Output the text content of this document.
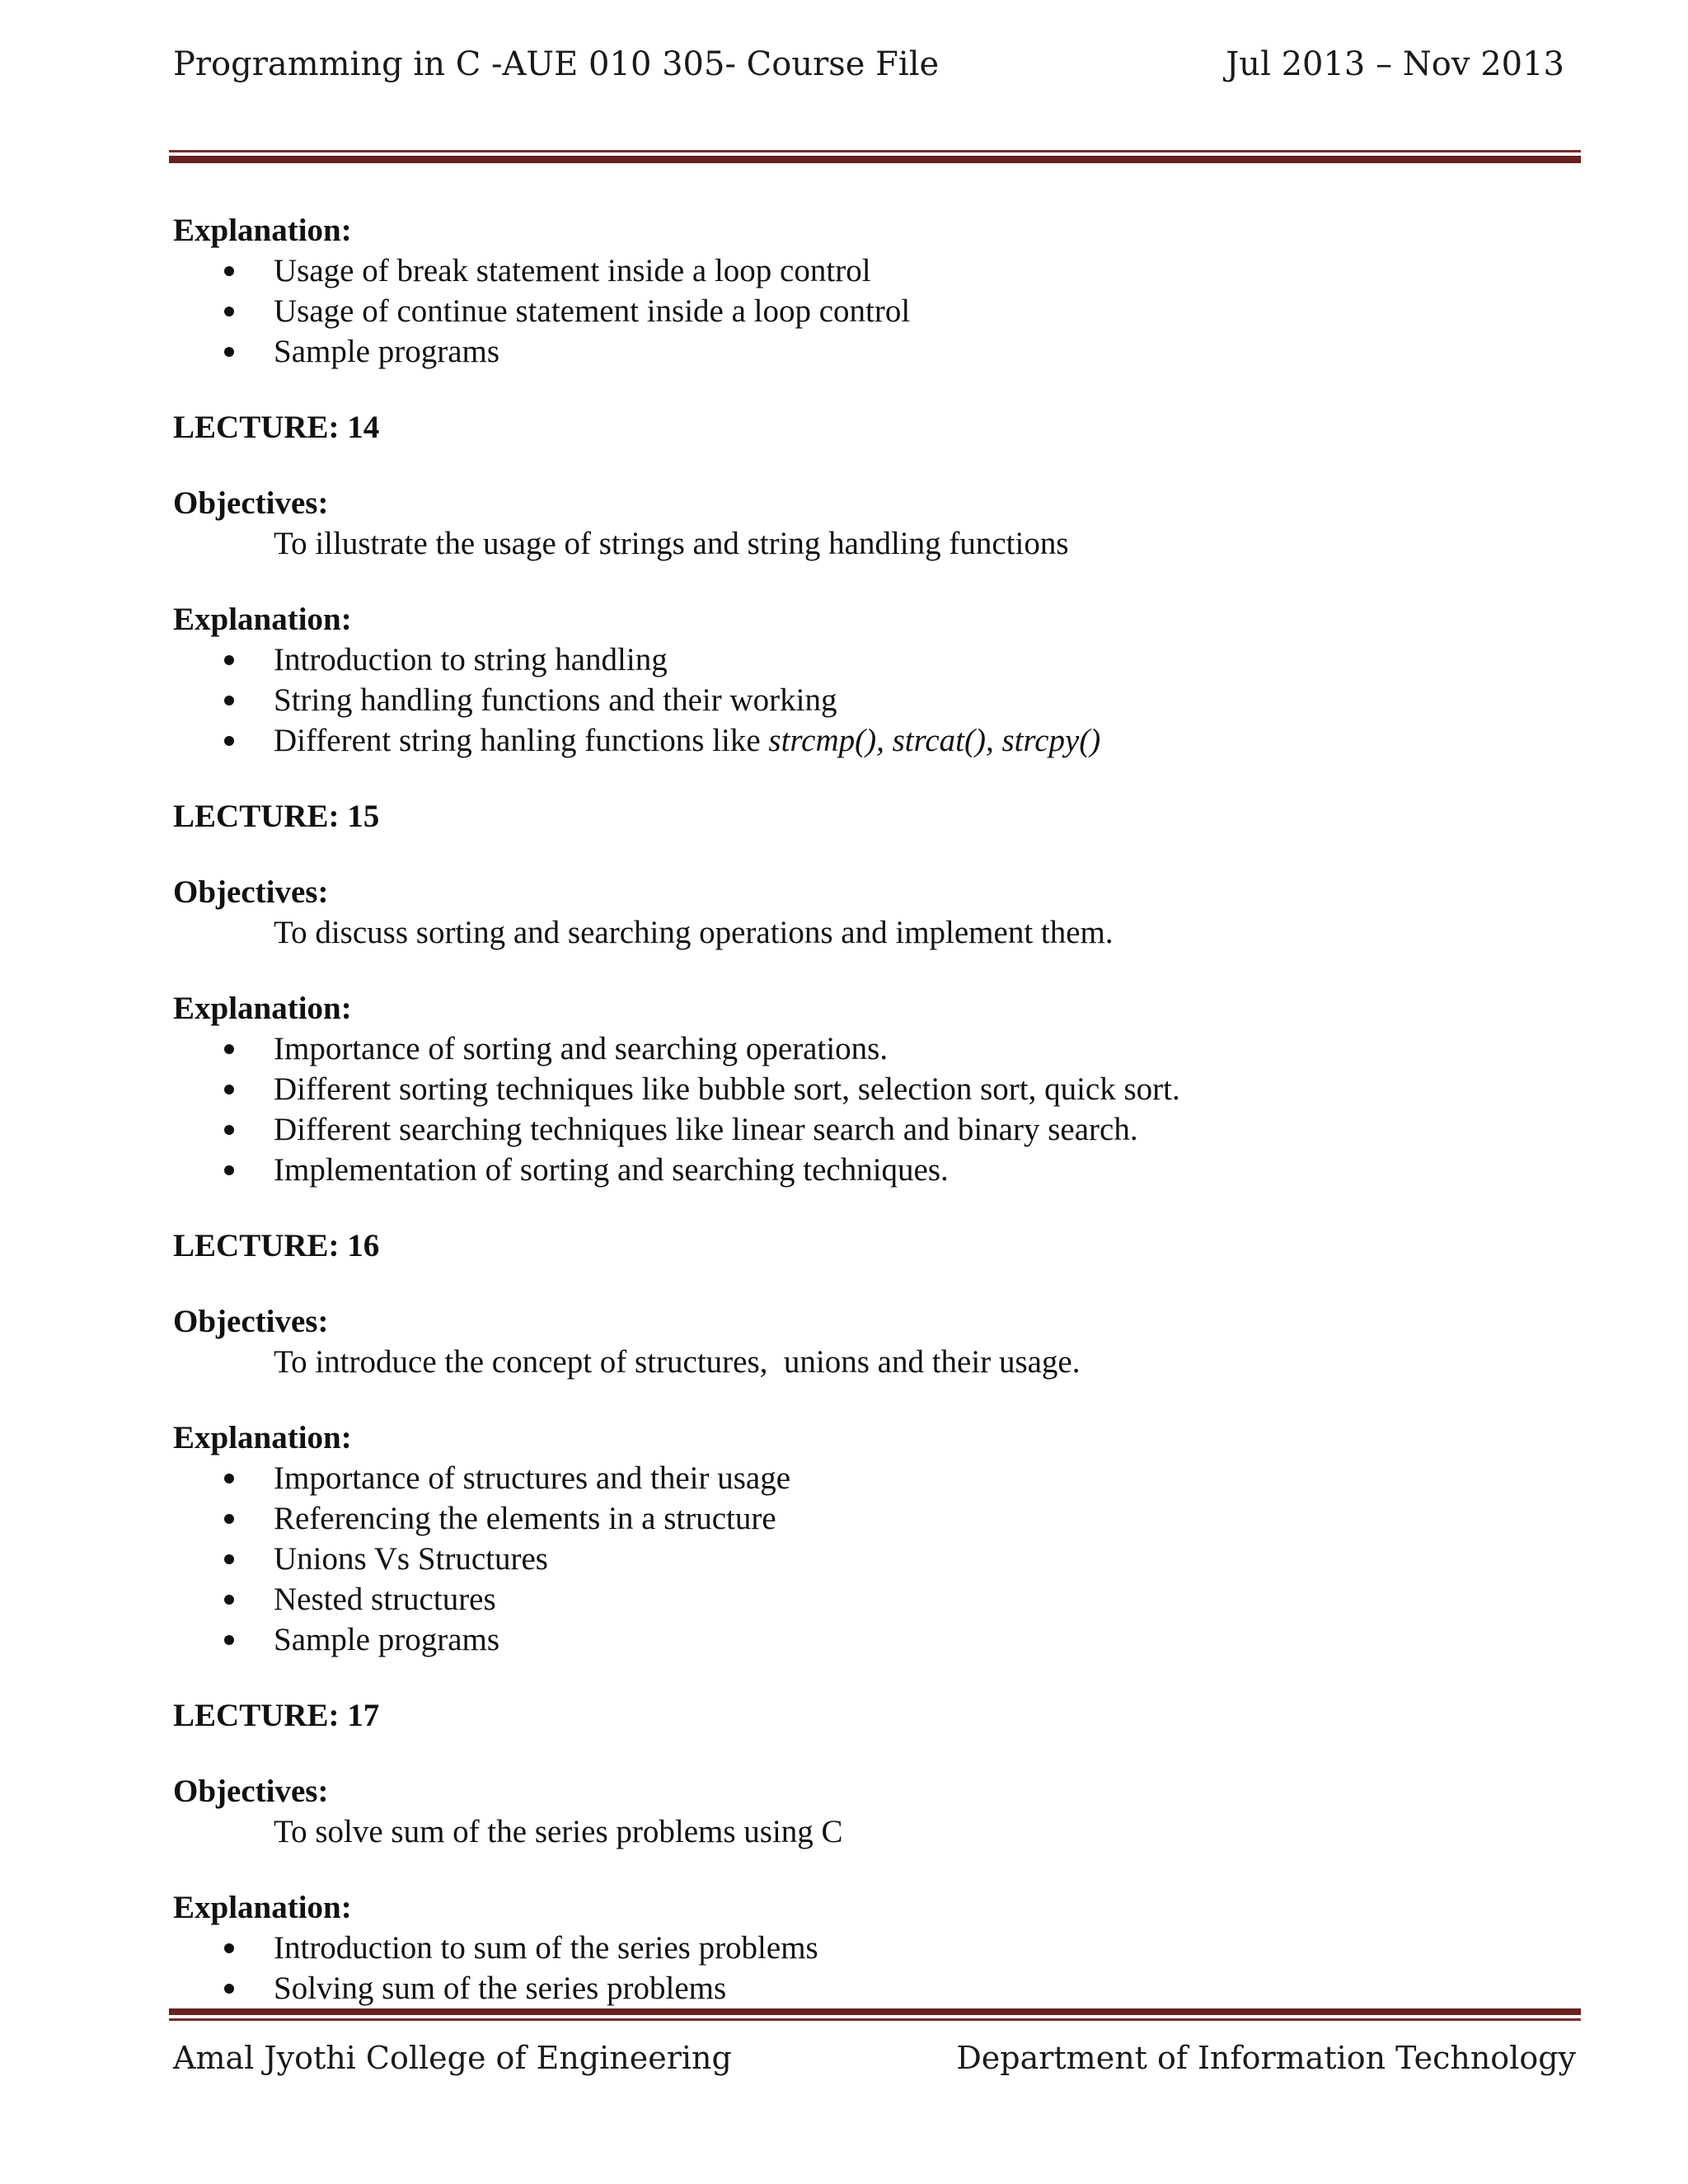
Programming in C -AUE 010 305- Course File	Jul 2013 – Nov 2013

Explanation:

Usage of break statement inside a loop control
Usage of continue statement inside a loop control
Sample programs

LECTURE: 14

Objectives:

To illustrate the usage of strings and string handling functions

Explanation:

Introduction to string handling
String handling functions and their working
Different string hanling functions like strcmp(), strcat(), strcpy()

LECTURE: 15

Objectives:

To discuss sorting and searching operations and implement them.

Explanation:

Importance of sorting and searching operations.
Different sorting techniques like bubble sort, selection sort, quick sort.
Different searching techniques like linear search and binary search.
Implementation of sorting and searching techniques.

LECTURE: 16

Objectives:

To introduce the concept of structures,  unions and their usage.

Explanation:

Importance of structures and their usage
Referencing the elements in a structure
Unions Vs Structures
Nested structures
Sample programs

LECTURE: 17

Objectives:

To solve sum of the series problems using C

Explanation:

Introduction to sum of the series problems
Solving sum of the series problems
Amal Jyothi College of Engineering	Department of Information Technology
